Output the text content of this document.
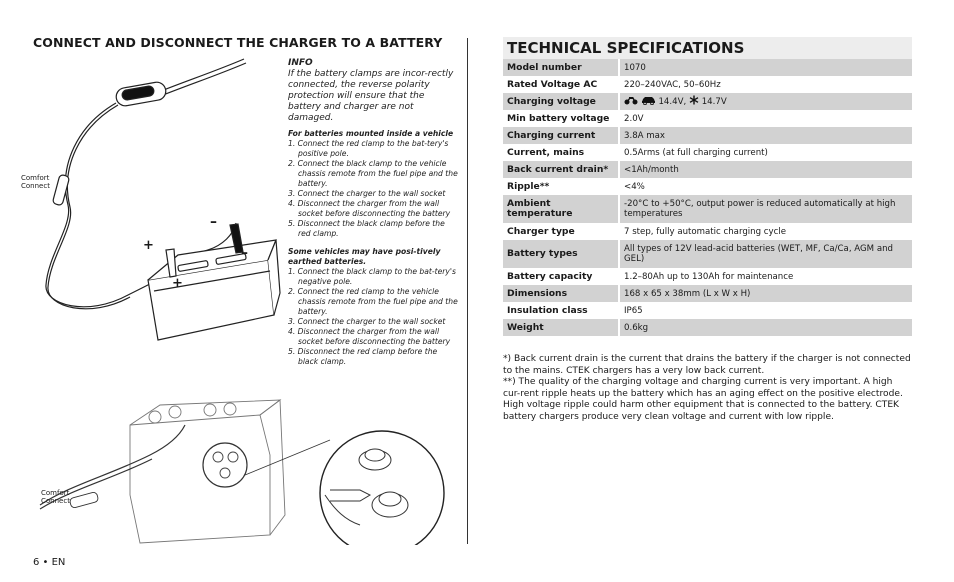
CONNECT AND DISCONNECT THE CHARGER TO A BATTERY
Comfort
Connect
+
+
–
–
Comfort
Connect
INFO
If the battery clamps are incor-rectly connected, the reverse polarity protection will ensure that the battery and charger are not damaged.
For batteries mounted inside a vehicle
1. Connect the red clamp to the bat-tery's positive pole.
2. Connect the black clamp to the vehicle chassis remote from the fuel pipe and the battery.
3. Connect the charger to the wall socket
4. Disconnect the charger from the wall socket before disconnecting the battery
5. Disconnect the black clamp before the red clamp.
Some vehicles may have posi-tively earthed batteries.
1. Connect the black clamp to the bat-tery's negative pole.
2. Connect the red clamp to the vehicle chassis remote from the fuel pipe and the battery.
3. Connect the charger to the wall socket
4. Disconnect the charger from the wall socket before disconnecting the battery
5. Disconnect the red clamp before the black clamp.
TECHNICAL SPECIFICATIONS
Model number	1070
Rated Voltage AC	220–240VAC, 50–60Hz
Charging voltage	14.4V, 14.7V
Min battery voltage	2.0V
Charging current	3.8A max
Current, mains	0.5Arms (at full charging current)
Back current drain*	<1Ah/month
Ripple**	<4%
Ambient temperature	-20°C to +50°C, output power is reduced automatically at high temperatures
Charger type	7 step, fully automatic charging cycle
Battery types	All types of 12V lead-acid batteries (WET, MF, Ca/Ca, AGM and GEL)
Battery capacity	1.2–80Ah up to 130Ah for maintenance
Dimensions	168 x 65 x 38mm (L x W x H)
Insulation class	IP65
Weight	0.6kg

*) Back current drain is the current that drains the battery if the charger is not connected to the mains. CTEK chargers has a very low back current.

**) The quality of the charging voltage and charging current is very important. A high cur-rent ripple heats up the battery which has an aging effect on the positive electrode. High voltage ripple could harm other equipment that is connected to the battery. CTEK battery chargers produce very clean voltage and current with low ripple.

6 • EN
